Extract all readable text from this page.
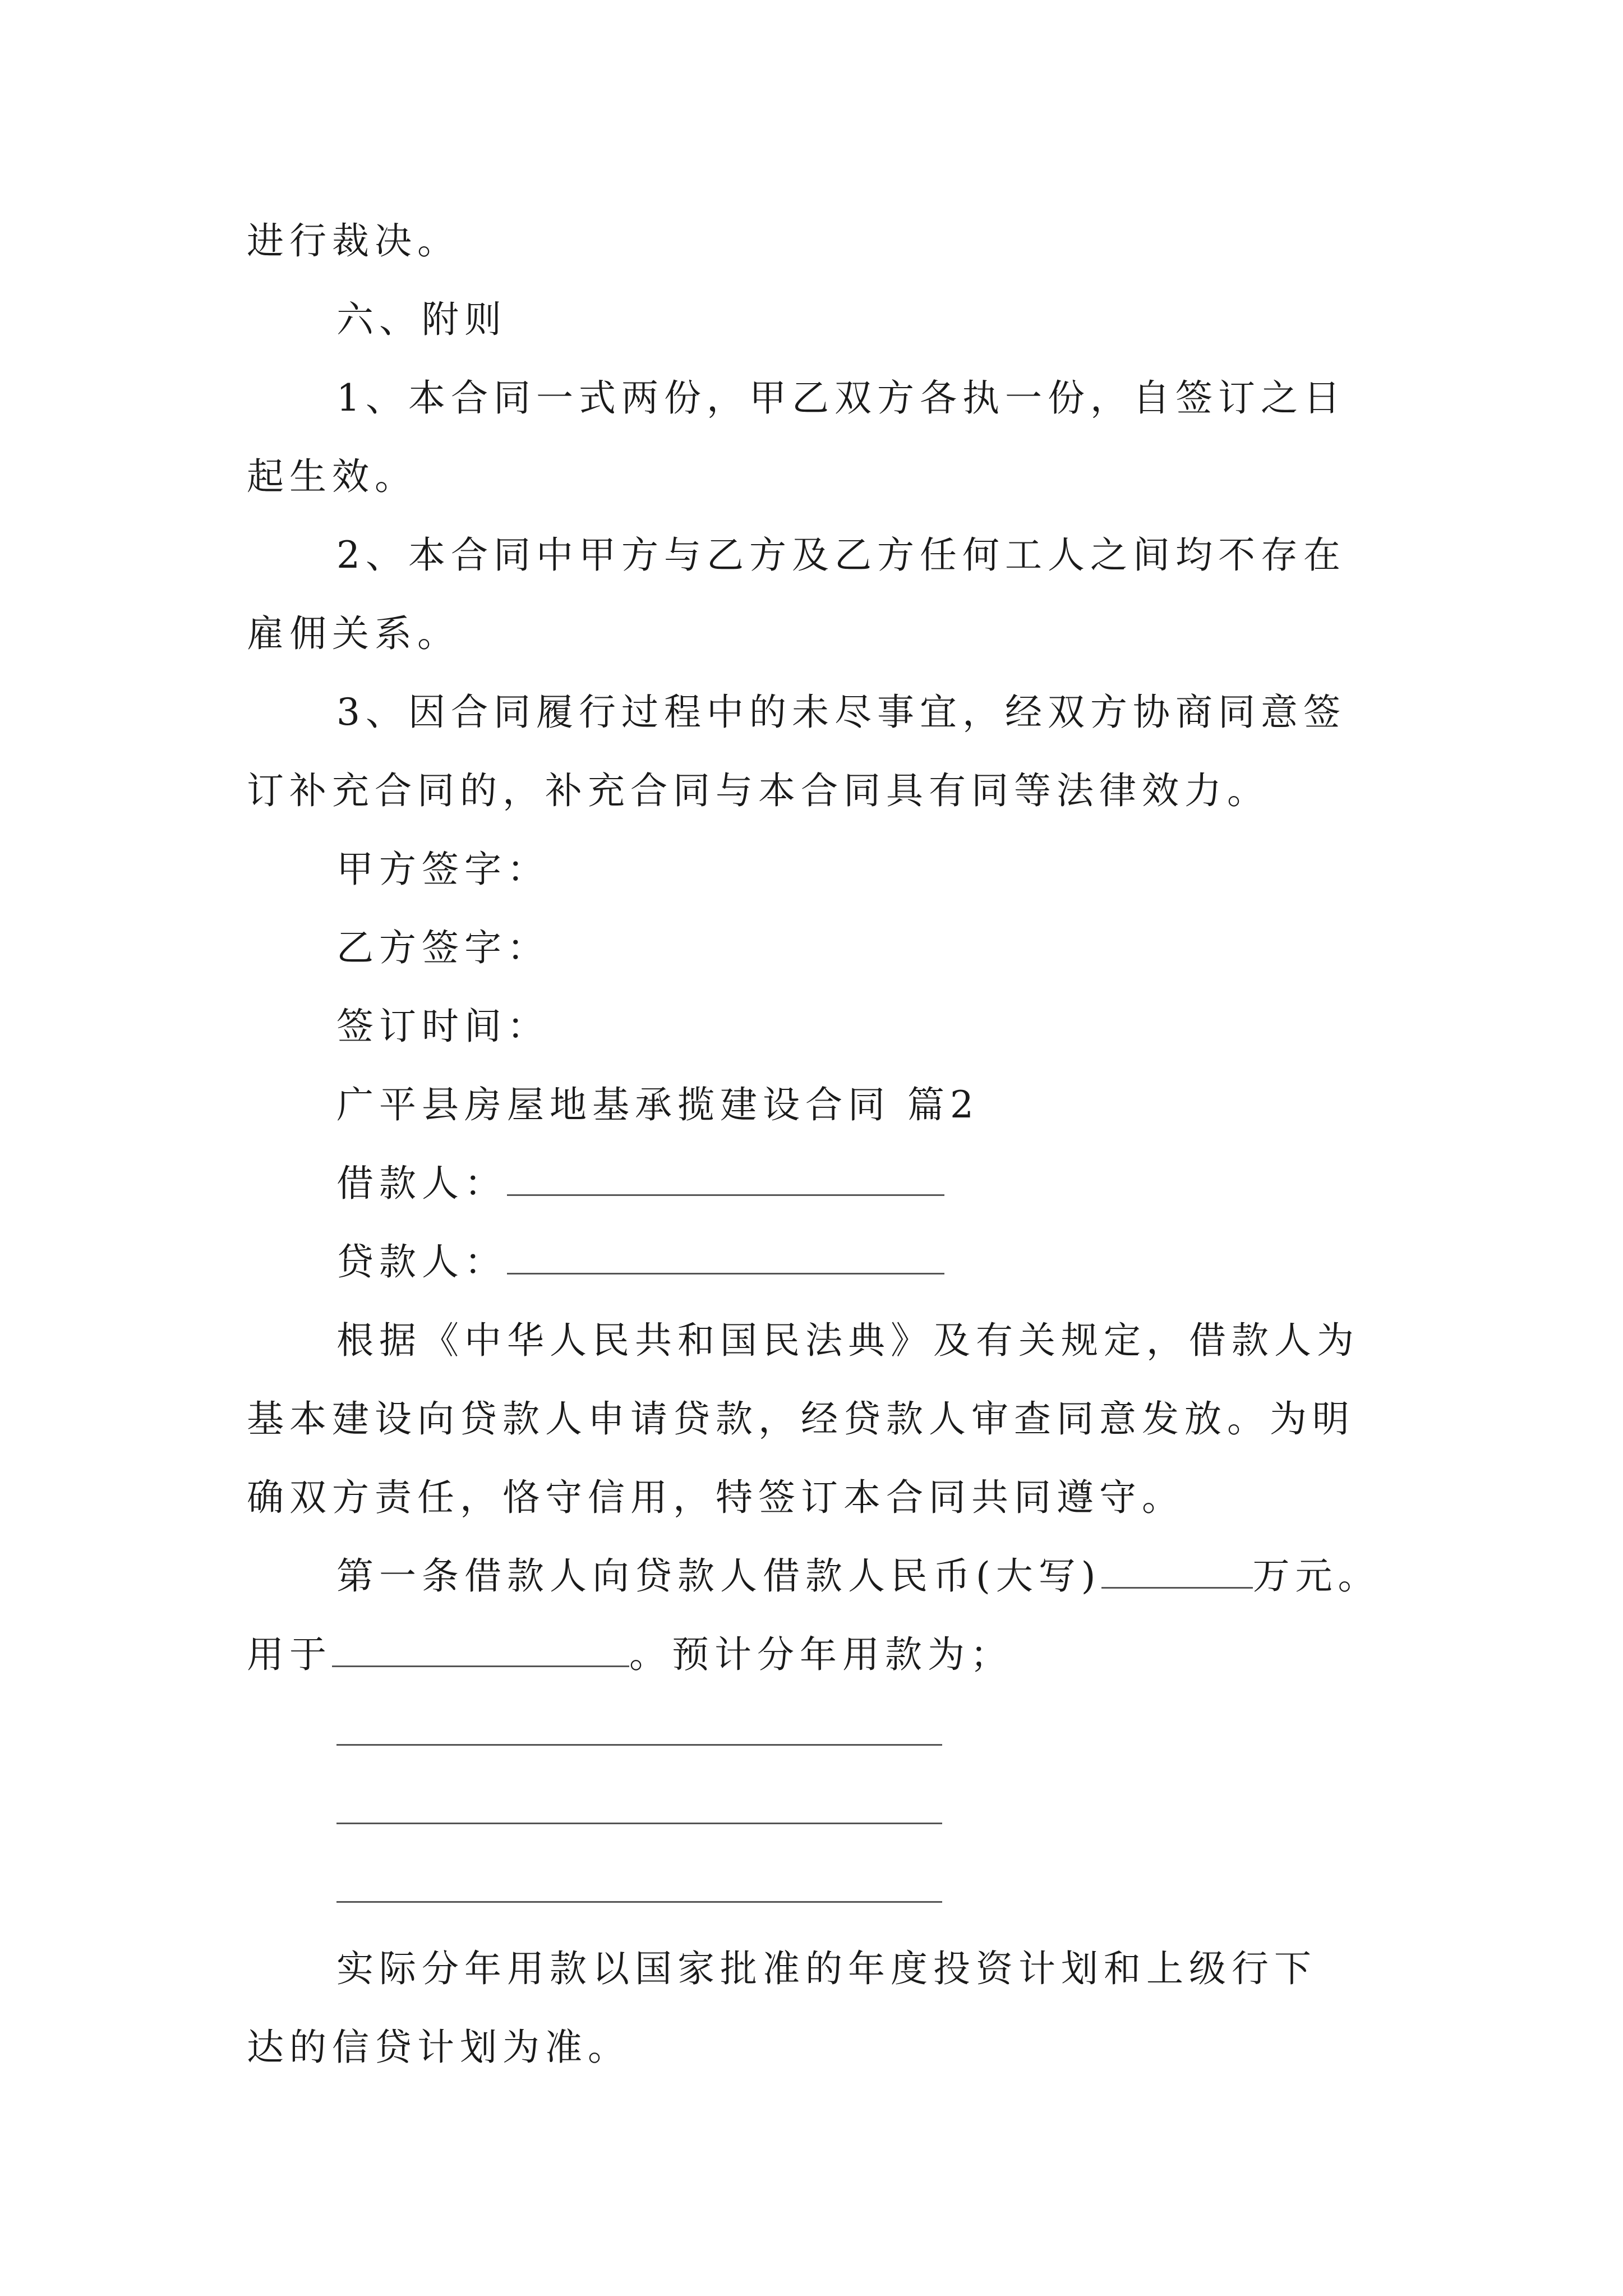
进行裁决。
六、附则
1、本合同一式两份，甲乙双方各执一份，自签订之日
起生效。
2、本合同中甲方与乙方及乙方任何工人之间均不存在
雇佣关系。
3、因合同履行过程中的未尽事宜，经双方协商同意签
订补充合同的，补充合同与本合同具有同等法律效力。
甲方签字：
乙方签字：
签订时间：
广平县房屋地基承揽建设合同 篇2
借款人：
贷款人：
根据《中华人民共和国民法典》及有关规定，借款人为
基本建设向贷款人申请贷款，经贷款人审查同意发放。为明
确双方责任，恪守信用，特签订本合同共同遵守。
第一条借款人向贷款人借款人民币(大写)	万元。
用于	。预计分年用款为；
实际分年用款以国家批准的年度投资计划和上级行下
达的信贷计划为准。
